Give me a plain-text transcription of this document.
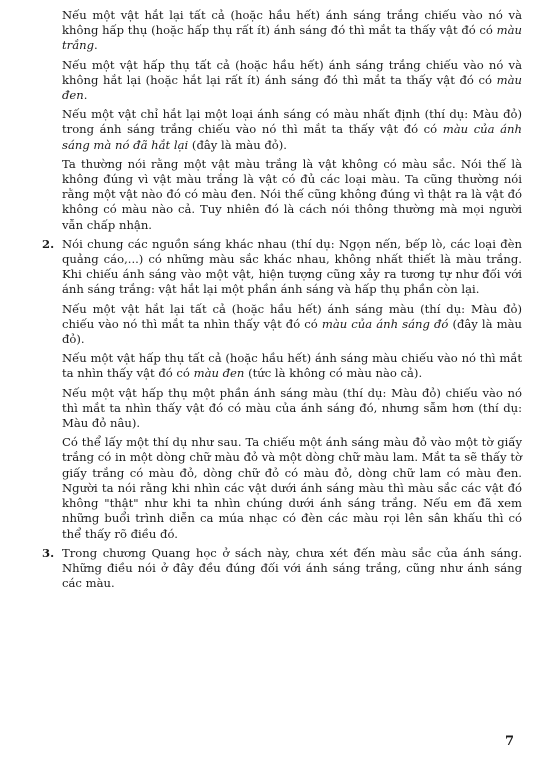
Nếu một vật hắt lại tất cả (hoặc hầu hết) ánh sáng trắng chiếu vào nó và không hấp thụ (hoặc hấp thụ rất ít) ánh sáng đó thì mắt ta thấy vật đó có màu trắng.

Nếu một vật hấp thụ tất cả (hoặc hầu hết) ánh sáng trắng chiếu vào nó và không hắt lại (hoặc hắt lại rất ít) ánh sáng đó thì mắt ta thấy vật đó có màu đen.

Nếu một vật chỉ hắt lại một loại ánh sáng có màu nhất định (thí dụ: Màu đỏ) trong ánh sáng trắng chiếu vào nó thì mắt ta thấy vật đó có màu của ánh sáng mà nó đã hắt lại (đây là màu đỏ).

Ta thường nói rằng một vật màu trắng là vật không có màu sắc. Nói thế là không đúng vì vật màu trắng là vật có đủ các loại màu. Ta cũng thường nói rằng một vật nào đó có màu đen. Nói thế cũng không đúng vì thật ra là vật đó không có màu nào cả. Tuy nhiên đó là cách nói thông thường mà mọi người vẫn chấp nhận.

2. Nói chung các nguồn sáng khác nhau (thí dụ: Ngọn nến, bếp lò, các loại đèn quảng cáo,...) có những màu sắc khác nhau, không nhất thiết là màu trắng. Khi chiếu ánh sáng vào một vật, hiện tượng cũng xảy ra tương tự như đối với ánh sáng trắng: vật hắt lại một phần ánh sáng và hấp thụ phần còn lại.

Nếu một vật hắt lại tất cả (hoặc hầu hết) ánh sáng màu (thí dụ: Màu đỏ) chiếu vào nó thì mắt ta nhìn thấy vật đó có màu của ánh sáng đó (đây là màu đỏ).

Nếu một vật hấp thụ tất cả (hoặc hầu hết) ánh sáng màu chiếu vào nó thì mắt ta nhìn thấy vật đó có màu đen (tức là không có màu nào cả).

Nếu một vật hấp thụ một phần ánh sáng màu (thí dụ: Màu đỏ) chiếu vào nó thì mắt ta nhìn thấy vật đó có màu của ánh sáng đó, nhưng sẫm hơn (thí dụ: Màu đỏ nâu).

Có thể lấy một thí dụ như sau. Ta chiếu một ánh sáng màu đỏ vào một tờ giấy trắng có in một dòng chữ màu đỏ và một dòng chữ màu lam. Mắt ta sẽ thấy tờ giấy trắng có màu đỏ, dòng chữ đỏ có màu đỏ, dòng chữ lam có màu đen. Người ta nói rằng khi nhìn các vật dưới ánh sáng màu thì màu sắc các vật đó không "thật" như khi ta nhìn chúng dưới ánh sáng trắng. Nếu em đã xem những buổi trình diễn ca múa nhạc có đèn các màu rọi lên sân khấu thì có thể thấy rõ điều đó.

3. Trong chương Quang học ở sách này, chưa xét đến màu sắc của ánh sáng. Những điều nói ở đây đều đúng đối với ánh sáng trắng, cũng như ánh sáng các màu.

7
